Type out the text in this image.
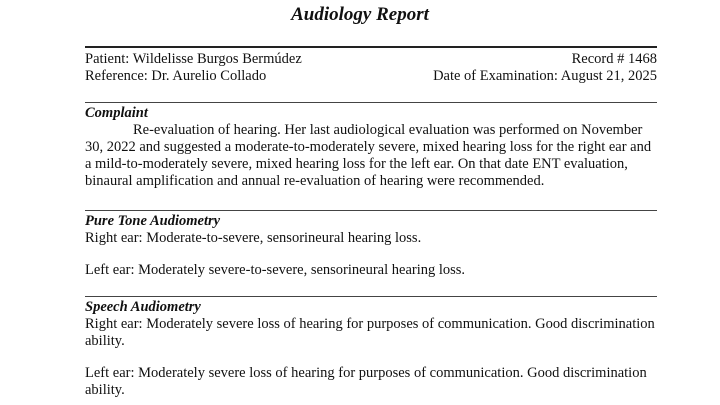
Audiology Report
Patient: Wildelisse Burgos Bermúdez	Record # 1468
Reference: Dr. Aurelio Collado	Date of Examination: August 21, 2025
Complaint

Re-evaluation of hearing. Her last audiological evaluation was performed on November 30, 2022 and suggested a moderate-to-moderately severe, mixed hearing loss for the right ear and a mild-to-moderately severe, mixed hearing loss for the left ear. On that date ENT evaluation, binaural amplification and annual re-evaluation of hearing were recommended.

Pure Tone Audiometry

Right ear: Moderate-to-severe, sensorineural hearing loss.

Left ear: Moderately severe-to-severe, sensorineural hearing loss.

Speech Audiometry

Right ear: Moderately severe loss of hearing for purposes of communication. Good discrimination ability.

Left ear: Moderately severe loss of hearing for purposes of communication. Good discrimination ability.
